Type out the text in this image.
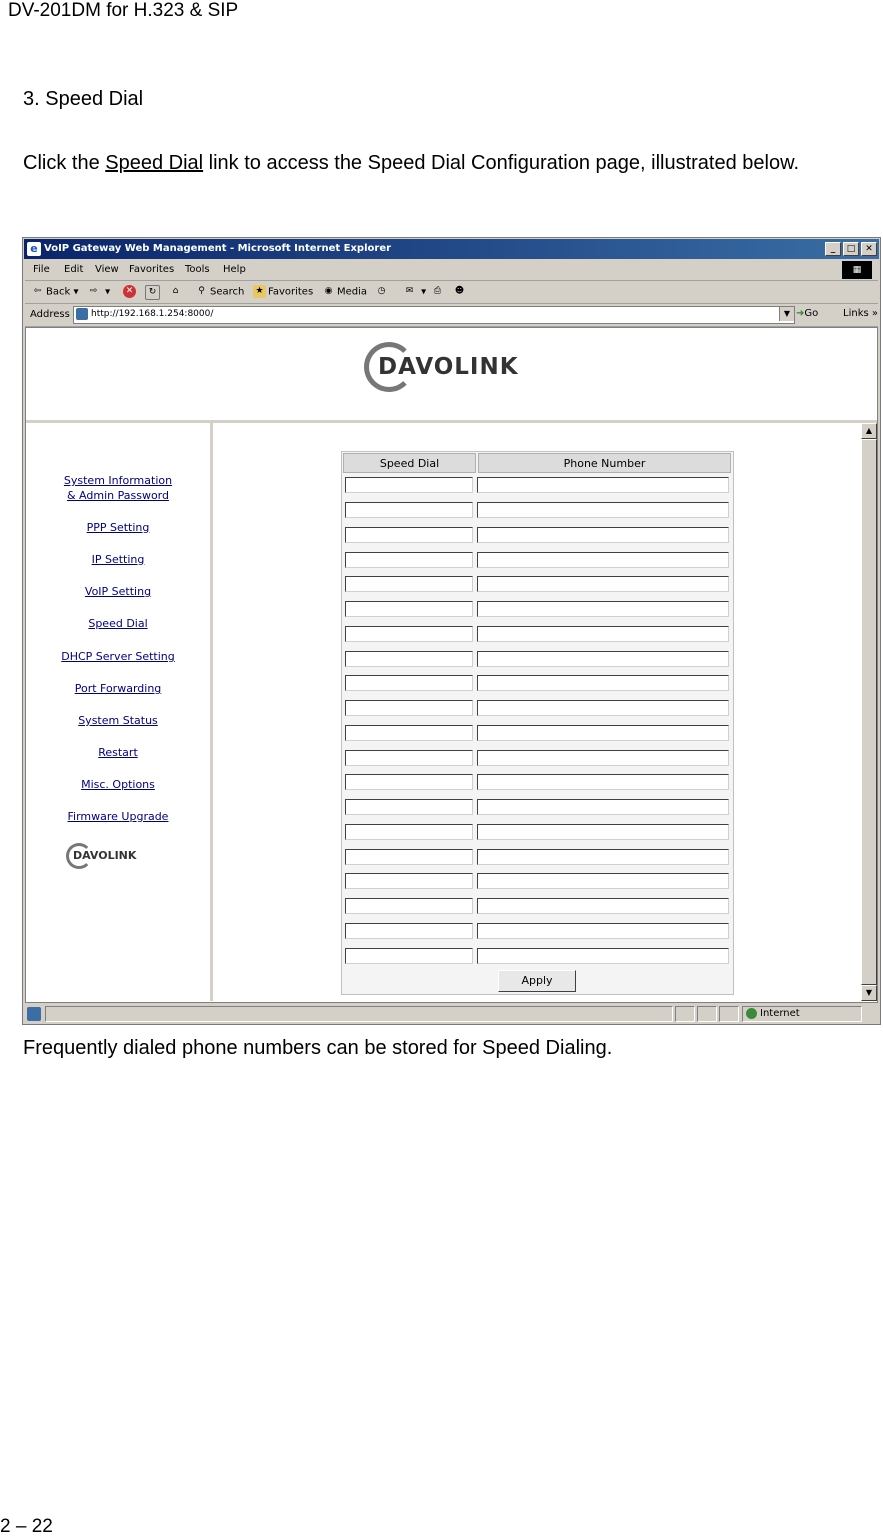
DV-201DM for H.323 & SIP
3. Speed Dial
Click the Speed Dial link to access the Speed Dial Configuration page, illustrated below.
e VoIP Gateway Web Management - Microsoft Internet Explorer	_	□	✕
File Edit View Favorites Tools Help	▦
⇦ Back ▾	⇨ ▾	✕	↻	⌂	⚲ Search ★ Favorites ◉ Media ◷	✉ ▾ ⎙	☻
Address http://192.168.1.254:8000/	▼ ➜Go Links »
DAVOLINK
System Information
& Admin Password
PPP Setting
IP Setting
VoIP Setting
Speed Dial
DHCP Server Setting
Port Forwarding
System Status
Restart
Misc. Options
Firmware Upgrade
DAVOLINK
Speed Dial	Phone Number
Apply
▲
▼
Internet
Frequently dialed phone numbers can be stored for Speed Dialing.
2 – 22
